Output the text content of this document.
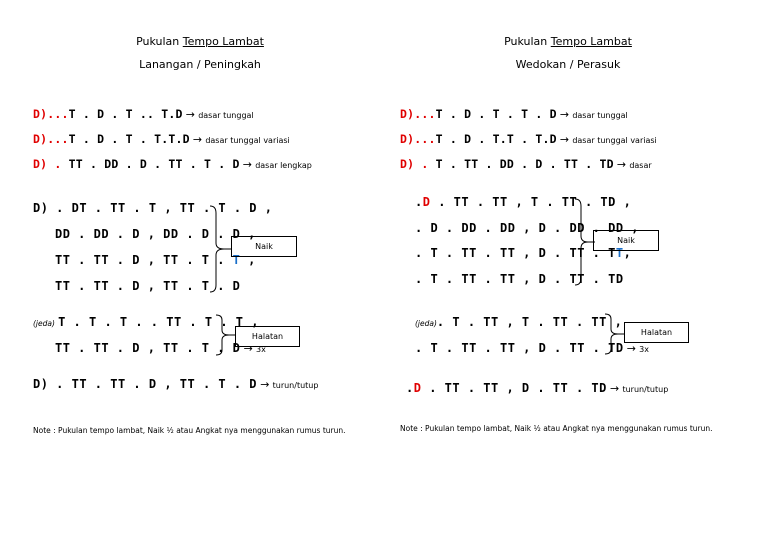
Pukulan Tempo Lambat
Lanangan / Peningkah
D)...T . D . T .. T.D → dasar tunggal
D)...T . D . T . T.T.D → dasar tunggal variasi
D) . TT . DD . D . TT . T . D → dasar lengkap
D) . DT . TT . T , TT . T . D ,
DD . DD . D , DD . D . D ,
TT . TT . D , TT . T . T ,
TT . TT . D , TT . T . D
Naik
(jeda) T . T . T . . TT . T . T ,
TT . TT . D , TT . T . D → 3x
Halatan
D) . TT . TT . D , TT . T . D → turun/tutup
Note : Pukulan tempo lambat, Naik ½ atau Angkat nya menggunakan rumus turun.
Pukulan Tempo Lambat
Wedokan / Perasuk
D)...T . D . T . T . D → dasar tunggal
D)...T . D . T.T . T.D → dasar tunggal variasi
D) . T . TT . DD . D . TT . TD → dasar
.D . TT . TT , T . TT . TD ,
. D . DD . DD , D . DD . DD ,
. T . TT . TT , D . TT . TT,
. T . TT . TT , D . TT . TD
Naik
(jeda). T . TT , T . TT . TT ,
. T . TT . TT , D . TT . TD → 3x
Halatan
.D . TT . TT , D . TT . TD → turun/tutup
Note : Pukulan tempo lambat, Naik ½ atau Angkat nya menggunakan rumus turun.
